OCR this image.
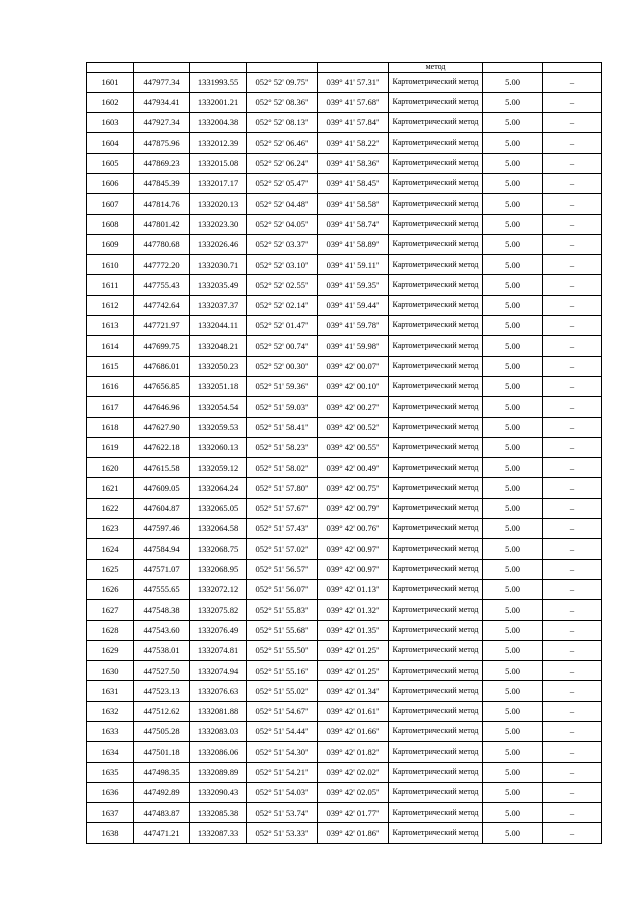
					метод		
1601	447977.34	1331993.55	052° 52' 09.75"	039° 41' 57.31"	Картометрический метод	5.00	–
1602	447934.41	1332001.21	052° 52' 08.36"	039° 41' 57.68"	Картометрический метод	5.00	–
1603	447927.34	1332004.38	052° 52' 08.13"	039° 41' 57.84"	Картометрический метод	5.00	–
1604	447875.96	1332012.39	052° 52' 06.46"	039° 41' 58.22"	Картометрический метод	5.00	–
1605	447869.23	1332015.08	052° 52' 06.24"	039° 41' 58.36"	Картометрический метод	5.00	–
1606	447845.39	1332017.17	052° 52' 05.47"	039° 41' 58.45"	Картометрический метод	5.00	–
1607	447814.76	1332020.13	052° 52' 04.48"	039° 41' 58.58"	Картометрический метод	5.00	–
1608	447801.42	1332023.30	052° 52' 04.05"	039° 41' 58.74"	Картометрический метод	5.00	–
1609	447780.68	1332026.46	052° 52' 03.37"	039° 41' 58.89"	Картометрический метод	5.00	–
1610	447772.20	1332030.71	052° 52' 03.10"	039° 41' 59.11"	Картометрический метод	5.00	–
1611	447755.43	1332035.49	052° 52' 02.55"	039° 41' 59.35"	Картометрический метод	5.00	–
1612	447742.64	1332037.37	052° 52' 02.14"	039° 41' 59.44"	Картометрический метод	5.00	–
1613	447721.97	1332044.11	052° 52' 01.47"	039° 41' 59.78"	Картометрический метод	5.00	–
1614	447699.75	1332048.21	052° 52' 00.74"	039° 41' 59.98"	Картометрический метод	5.00	–
1615	447686.01	1332050.23	052° 52' 00.30"	039° 42' 00.07"	Картометрический метод	5.00	–
1616	447656.85	1332051.18	052° 51' 59.36"	039° 42' 00.10"	Картометрический метод	5.00	–
1617	447646.96	1332054.54	052° 51' 59.03"	039° 42' 00.27"	Картометрический метод	5.00	–
1618	447627.90	1332059.53	052° 51' 58.41"	039° 42' 00.52"	Картометрический метод	5.00	–
1619	447622.18	1332060.13	052° 51' 58.23"	039° 42' 00.55"	Картометрический метод	5.00	–
1620	447615.58	1332059.12	052° 51' 58.02"	039° 42' 00.49"	Картометрический метод	5.00	–
1621	447609.05	1332064.24	052° 51' 57.80"	039° 42' 00.75"	Картометрический метод	5.00	–
1622	447604.87	1332065.05	052° 51' 57.67"	039° 42' 00.79"	Картометрический метод	5.00	–
1623	447597.46	1332064.58	052° 51' 57.43"	039° 42' 00.76"	Картометрический метод	5.00	–
1624	447584.94	1332068.75	052° 51' 57.02"	039° 42' 00.97"	Картометрический метод	5.00	–
1625	447571.07	1332068.95	052° 51' 56.57"	039° 42' 00.97"	Картометрический метод	5.00	–
1626	447555.65	1332072.12	052° 51' 56.07"	039° 42' 01.13"	Картометрический метод	5.00	–
1627	447548.38	1332075.82	052° 51' 55.83"	039° 42' 01.32"	Картометрический метод	5.00	–
1628	447543.60	1332076.49	052° 51' 55.68"	039° 42' 01.35"	Картометрический метод	5.00	–
1629	447538.01	1332074.81	052° 51' 55.50"	039° 42' 01.25"	Картометрический метод	5.00	–
1630	447527.50	1332074.94	052° 51' 55.16"	039° 42' 01.25"	Картометрический метод	5.00	–
1631	447523.13	1332076.63	052° 51' 55.02"	039° 42' 01.34"	Картометрический метод	5.00	–
1632	447512.62	1332081.88	052° 51' 54.67"	039° 42' 01.61"	Картометрический метод	5.00	–
1633	447505.28	1332083.03	052° 51' 54.44"	039° 42' 01.66"	Картометрический метод	5.00	–
1634	447501.18	1332086.06	052° 51' 54.30"	039° 42' 01.82"	Картометрический метод	5.00	–
1635	447498.35	1332089.89	052° 51' 54.21"	039° 42' 02.02"	Картометрический метод	5.00	–
1636	447492.89	1332090.43	052° 51' 54.03"	039° 42' 02.05"	Картометрический метод	5.00	–
1637	447483.87	1332085.38	052° 51' 53.74"	039° 42' 01.77"	Картометрический метод	5.00	–
1638	447471.21	1332087.33	052° 51' 53.33"	039° 42' 01.86"	Картометрический метод	5.00	–
